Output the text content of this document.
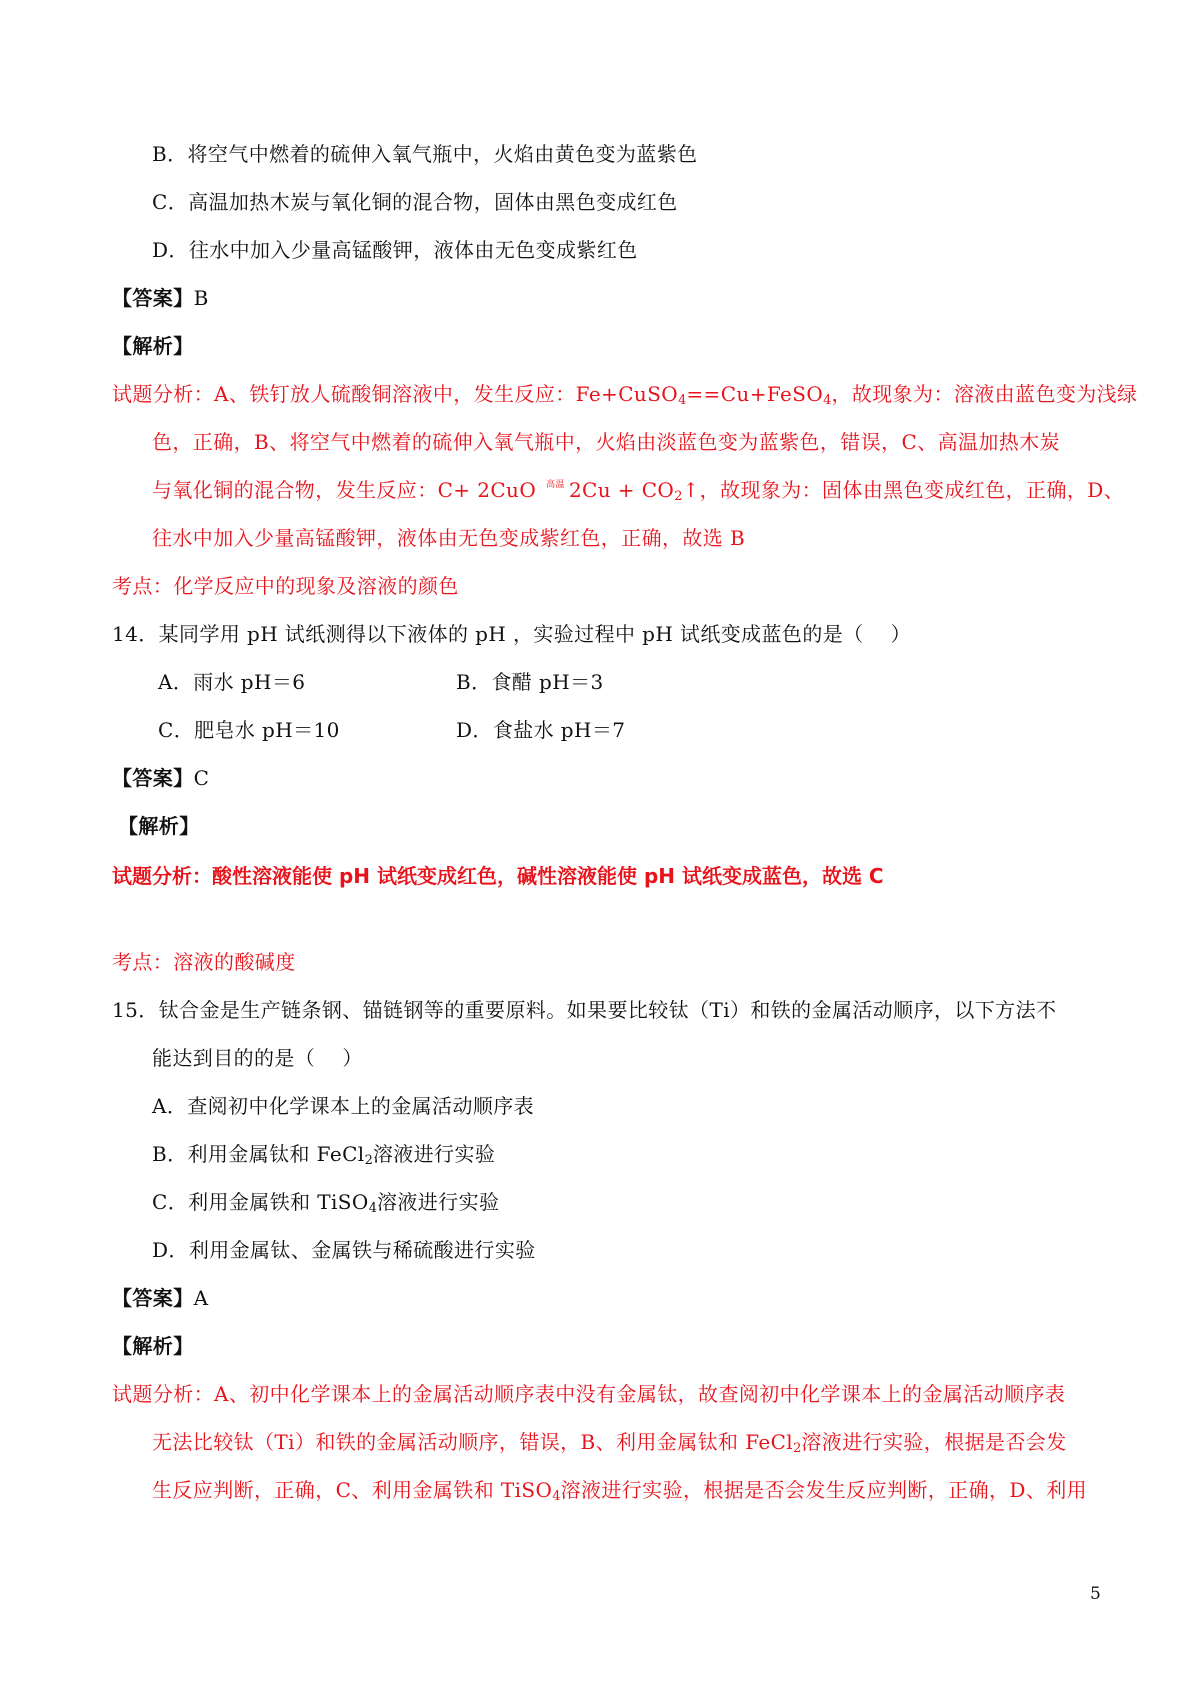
B．将空气中燃着的硫伸入氧气瓶中，火焰由黄色变为蓝紫色
C．高温加热木炭与氧化铜的混合物，固体由黑色变成红色
D．往水中加入少量高锰酸钾，液体由无色变成紫红色
【答案】B
【解析】
试题分析：A、铁钉放人硫酸铜溶液中，发生反应：Fe+CuSO4==Cu+FeSO4，故现象为：溶液由蓝色变为浅绿
色，正确，B、将空气中燃着的硫伸入氧气瓶中，火焰由淡蓝色变为蓝紫色，错误，C、高温加热木炭
与氧化铜的混合物，发生反应：C+ 2CuO $^{高温}$ 2Cu + CO2↑，故现象为：固体由黑色变成红色，正确，D、
往水中加入少量高锰酸钾，液体由无色变成紫红色，正确，故选 B
考点：化学反应中的现象及溶液的颜色
14．某同学用 pH 试纸测得以下液体的 pH ，实验过程中 pH 试纸变成蓝色的是（　 ）
A．雨水 pH＝6	B．食醋 pH＝3
C．肥皂水 pH＝10	D．食盐水 pH＝7
【答案】C
【解析】
试题分析：酸性溶液能使 pH 试纸变成红色，碱性溶液能使 pH 试纸变成蓝色，故选 C
考点：溶液的酸碱度
15．钛合金是生产链条钢、锚链钢等的重要原料。如果要比较钛（Ti）和铁的金属活动顺序，以下方法不
能达到目的的是（　 ）
A．查阅初中化学课本上的金属活动顺序表
B．利用金属钛和 FeCl2溶液进行实验
C．利用金属铁和 TiSO4溶液进行实验
D．利用金属钛、金属铁与稀硫酸进行实验
【答案】A
【解析】
试题分析：A、初中化学课本上的金属活动顺序表中没有金属钛，故查阅初中化学课本上的金属活动顺序表
无法比较钛（Ti）和铁的金属活动顺序，错误，B、利用金属钛和 FeCl2溶液进行实验，根据是否会发
生反应判断，正确，C、利用金属铁和 TiSO4溶液进行实验，根据是否会发生反应判断，正确，D、利用
5
